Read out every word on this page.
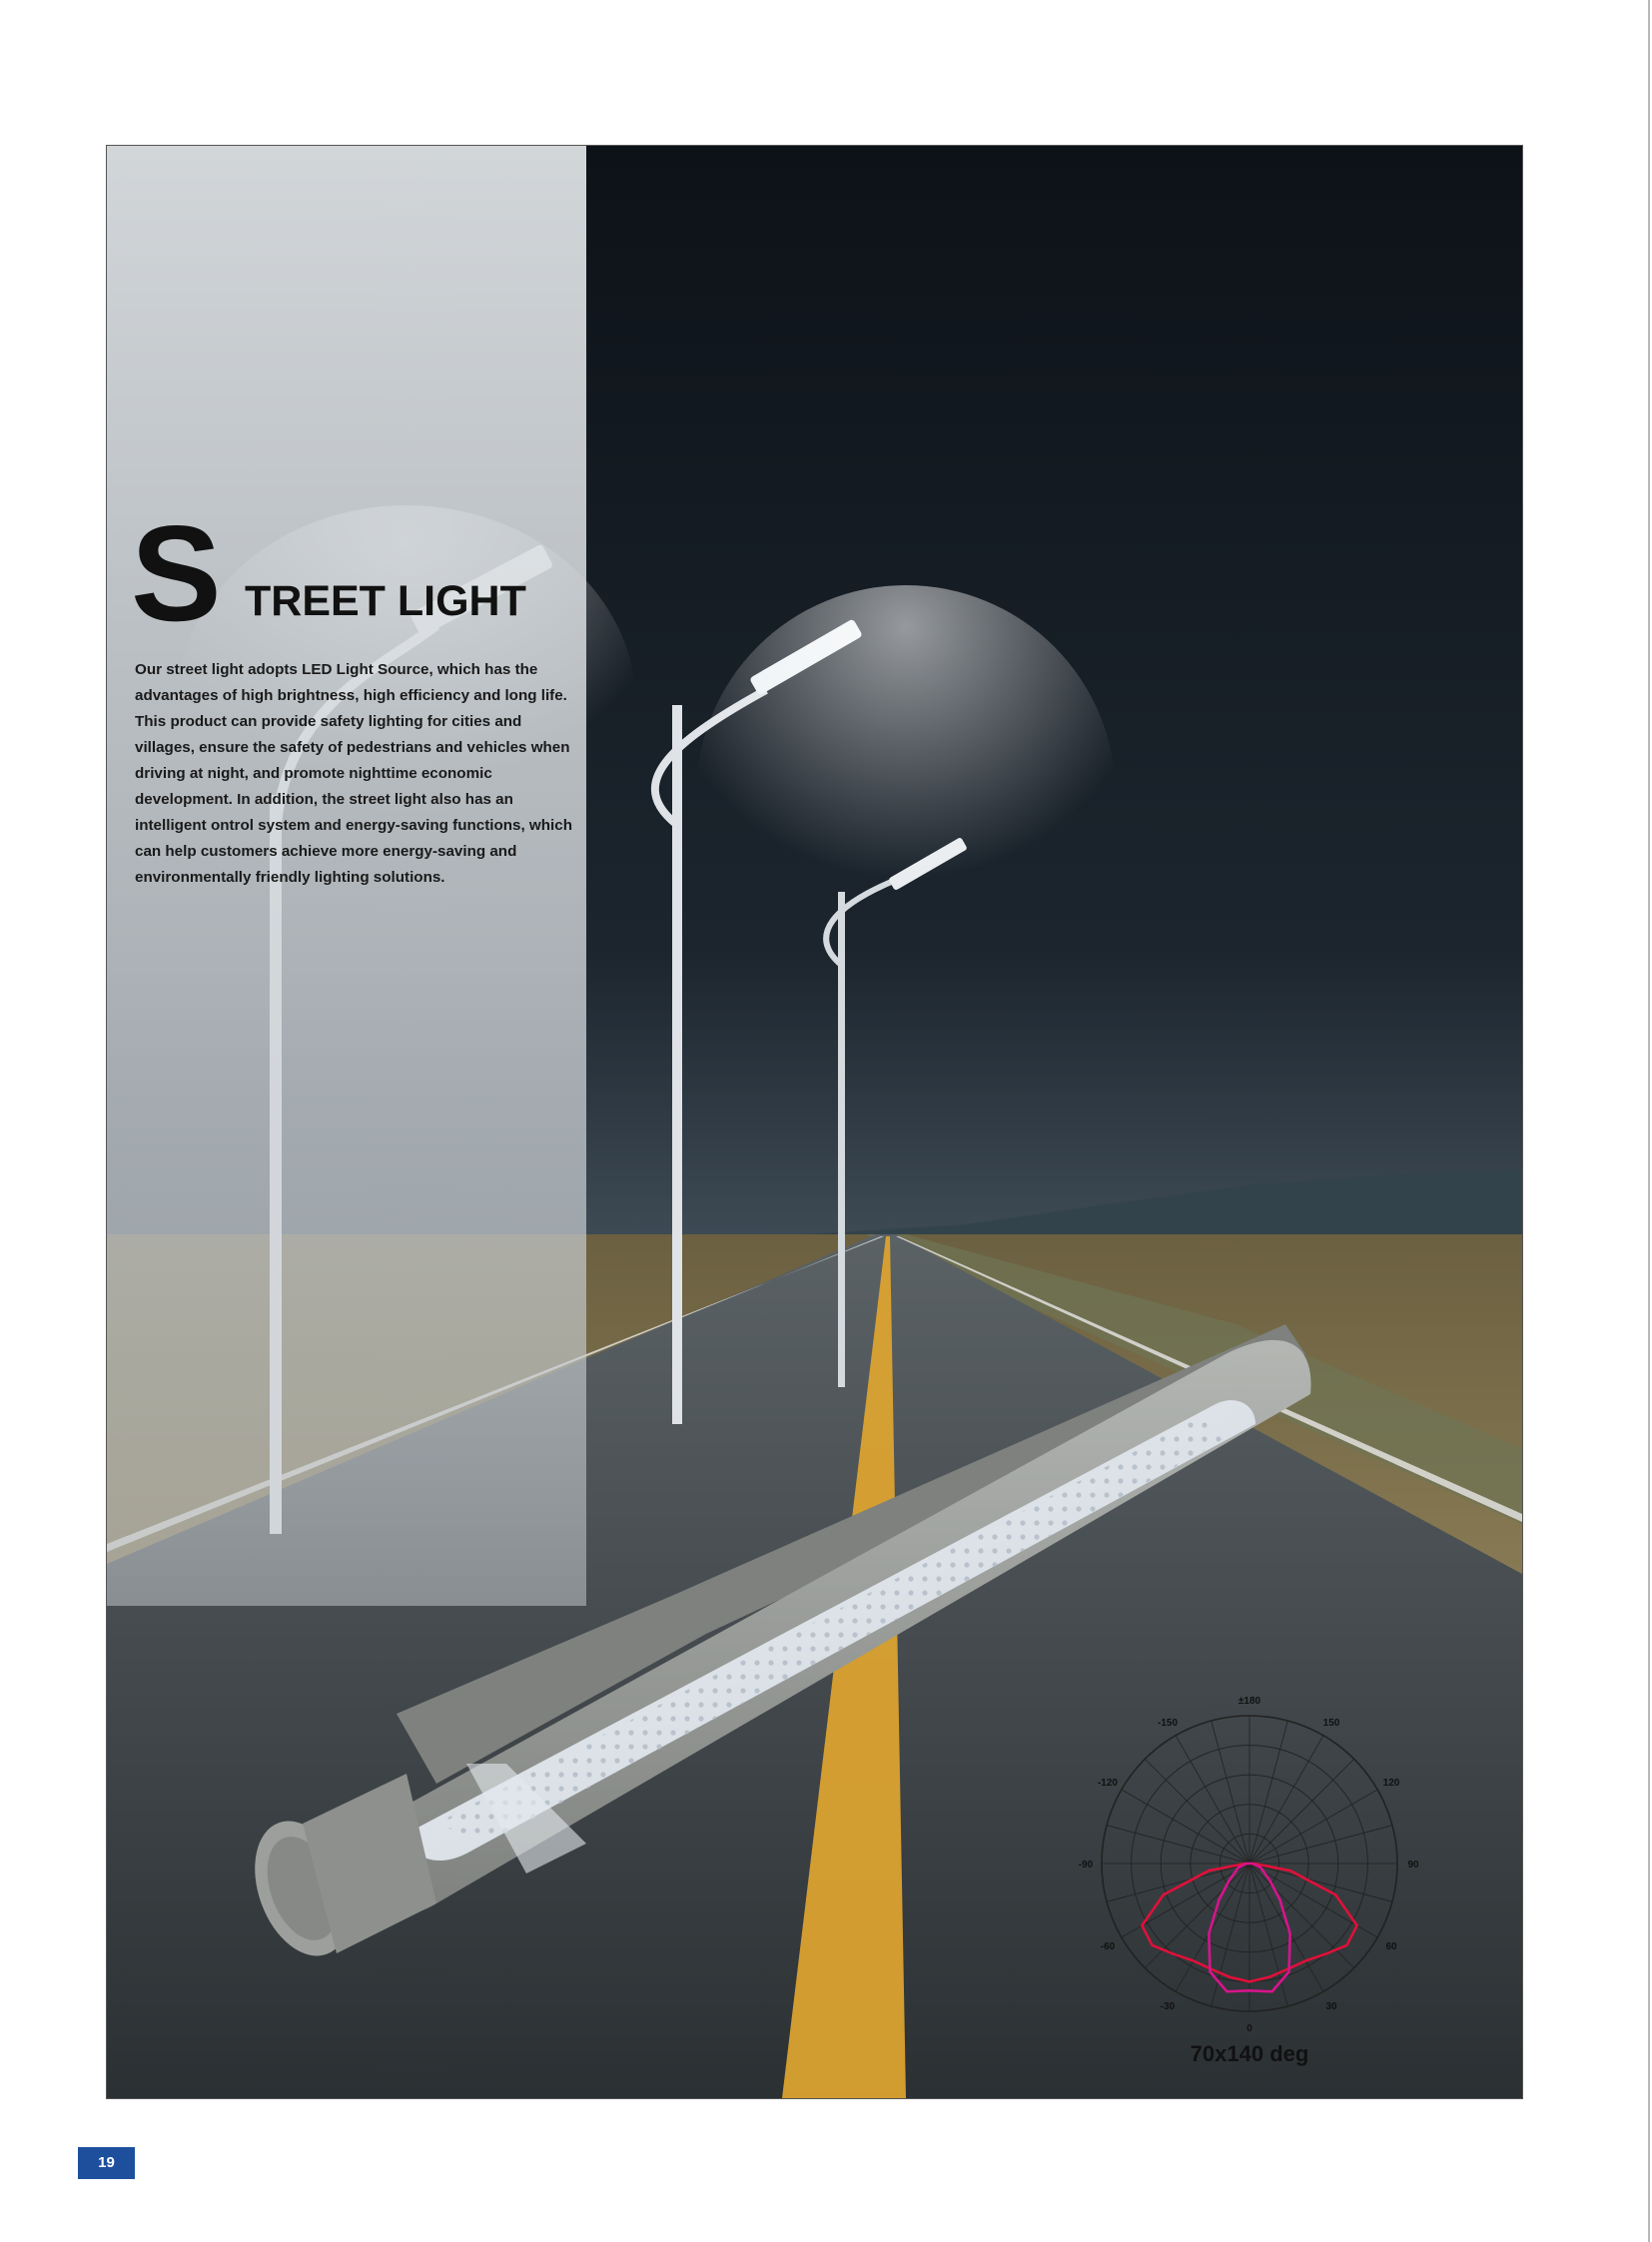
S TREET LIGHT

Our street light adopts LED Light Source, which has the advantages of high brightness, high efficiency and long life. This product can provide safety lighting for cities and villages, ensure the safety of pedestrians and vehicles when driving at night, and promote nighttime economic development. In addition, the street light also has an intelligent ontrol system and energy-saving functions, which can help customers achieve more energy-saving and environmentally friendly lighting solutions.

±180
150
120
90
60
30
0
-30
-60
-90
-120
-150
70x140 deg
19
